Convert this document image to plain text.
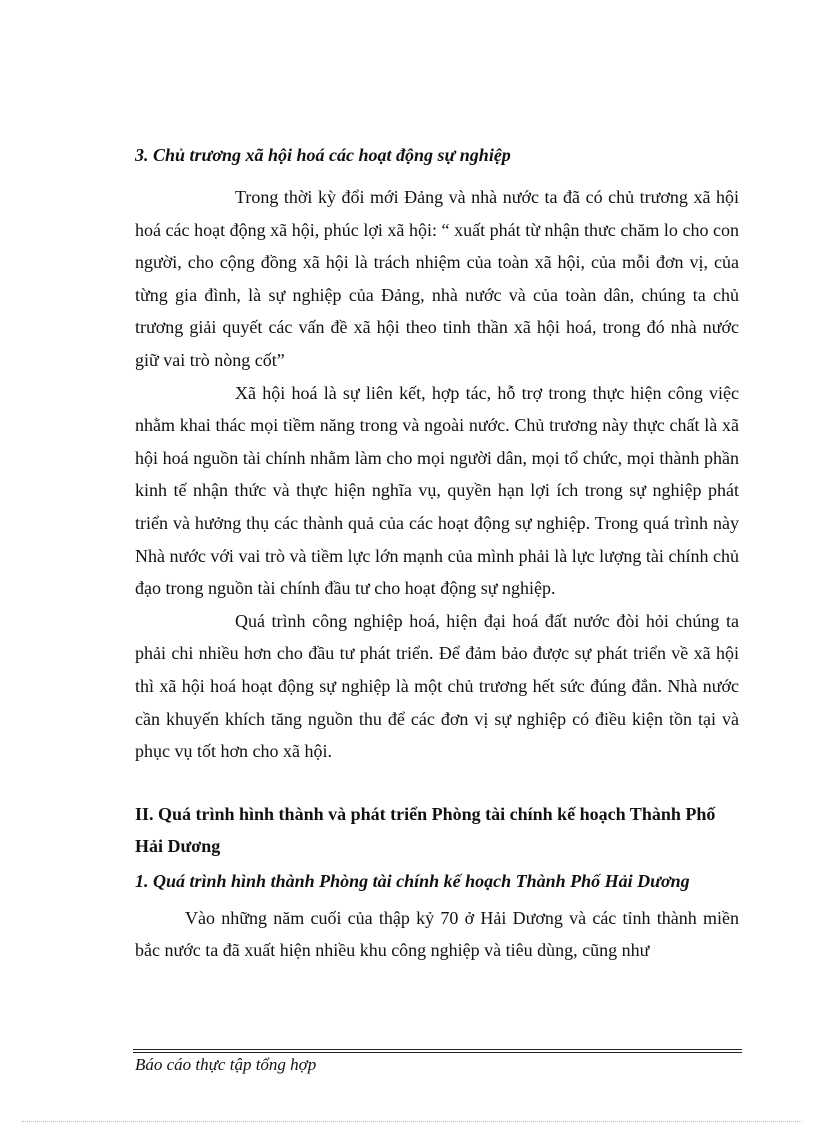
3. Chủ trương xã hội hoá các hoạt động sự nghiệp

Trong thời kỳ đổi mới Đảng và nhà nước ta đã có chủ trương xã hội hoá các hoạt động xã hội, phúc lợi xã hội: “ xuất phát từ nhận thưc chăm lo cho con người, cho cộng đồng xã hội là trách nhiệm của toàn xã hội, của mỗi đơn vị, của từng gia đình, là sự nghiệp của Đảng, nhà nước và của toàn dân, chúng ta chủ trương giải quyết các vấn đề xã hội theo tinh thần xã hội hoá, trong đó nhà nước giữ vai trò nòng cốt”

Xã hội hoá là sự liên kết, hợp tác, hỗ trợ trong thực hiện công việc nhằm khai thác mọi tiềm năng trong và ngoài nước. Chủ trương này thực chất là xã hội hoá nguồn tài chính nhằm làm cho mọi người dân, mọi tổ chức, mọi thành phần kinh tế nhận thức và thực hiện nghĩa vụ, quyền hạn lợi ích trong sự nghiệp phát triển và hưởng thụ các thành quả của các hoạt động sự nghiệp. Trong quá trình này Nhà nước với vai trò và tiềm lực lớn mạnh của mình phải là lực lượng tài chính chủ đạo trong nguồn tài chính đầu tư cho hoạt động sự nghiệp.

Quá trình công nghiệp hoá, hiện đại hoá đất nước đòi hỏi chúng ta phải chi nhiều hơn cho đầu tư phát triển. Để đảm bảo được sự phát triển về xã hội thì xã hội hoá hoạt động sự nghiệp là một chủ trương hết sức đúng đắn. Nhà nước cần khuyến khích tăng nguồn thu để các đơn vị sự nghiệp có điều kiện tồn tại và phục vụ tốt hơn cho xã hội.

II. Quá trình hình thành và phát triển Phòng tài chính kế hoạch Thành Phố Hải Dương

1. Quá trình hình thành Phòng tài chính kế hoạch Thành Phố Hải Dương

Vào những năm cuối của thập kỷ 70 ở Hải Dương và các tỉnh thành miền bắc nước ta đã xuất hiện nhiều khu công nghiệp và tiêu dùng, cũng như

Báo cáo thực tập tổng hợp
